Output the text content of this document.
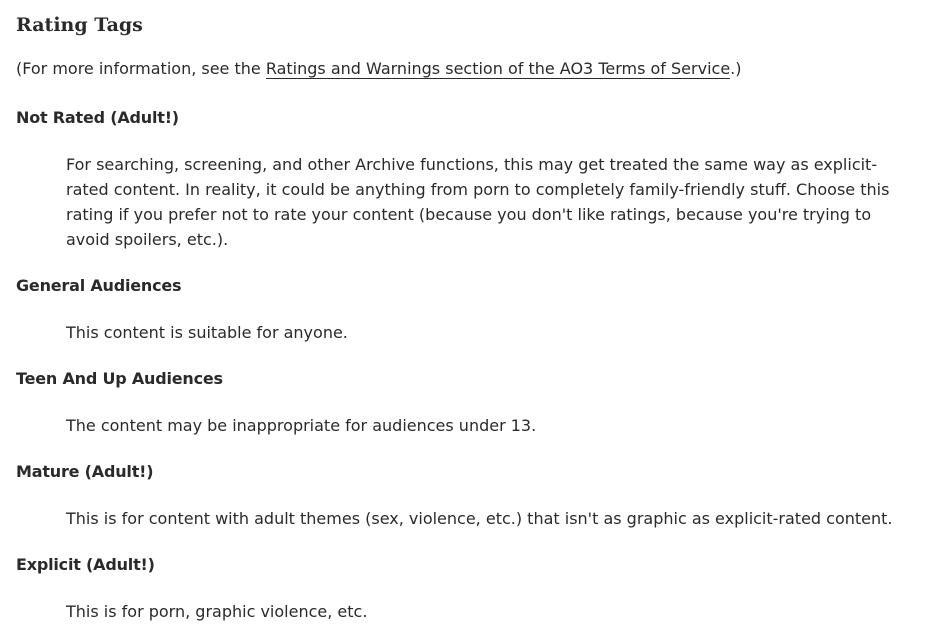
Rating Tags

(For more information, see the Ratings and Warnings section of the AO3 Terms of Service.)

Not Rated (Adult!)
For searching, screening, and other Archive functions, this may get treated the same way as explicit-rated content. In reality, it could be anything from porn to completely family-friendly stuff. Choose this rating if you prefer not to rate your content (because you don't like ratings, because you're trying to avoid spoilers, etc.).
General Audiences
This content is suitable for anyone.
Teen And Up Audiences
The content may be inappropriate for audiences under 13.
Mature (Adult!)
This is for content with adult themes (sex, violence, etc.) that isn't as graphic as explicit-rated content.
Explicit (Adult!)
This is for porn, graphic violence, etc.
